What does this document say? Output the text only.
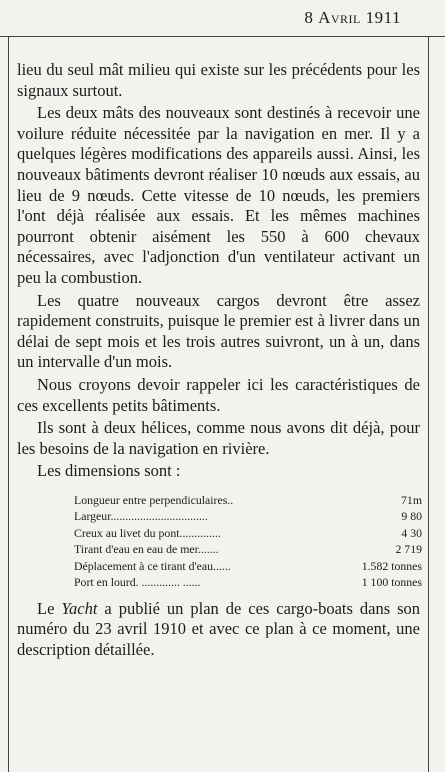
8 Avril 1911

lieu du seul mât milieu qui existe sur les précédents pour les signaux surtout.

Les deux mâts des nouveaux sont destinés à recevoir une voilure réduite nécessitée par la navigation en mer. Il y a quelques légères modifications des appareils aussi. Ainsi, les nouveaux bâtiments devront réaliser 10 nœuds aux essais, au lieu de 9 nœuds. Cette vitesse de 10 nœuds, les premiers l'ont déjà réalisée aux essais. Et les mêmes machines pourront obtenir aisément les 550 à 600 chevaux nécessaires, avec l'adjonction d'un ventilateur activant un peu la combustion.

Les quatre nouveaux cargos devront être assez rapidement construits, puisque le premier est à livrer dans un délai de sept mois et les trois autres suivront, un à un, dans un intervalle d'un mois.

Nous croyons devoir rappeler ici les caractéristiques de ces excellents petits bâtiments.

Ils sont à deux hélices, comme nous avons dit déjà, pour les besoins de la navigation en rivière.

Les dimensions sont :

Longueur entre perpendiculaires..	71m
Largeur.................................	9 80
Creux au livet du pont..............	4 30
Tirant d'eau en eau de mer.......	2 719
Déplacement à ce tirant d'eau......	1.582 tonnes
Port en lourd. ............. ......	1 100 tonnes

Le Yacht a publié un plan de ces cargo-boats dans son numéro du 23 avril 1910 et avec ce plan à ce moment, une description détaillée.
